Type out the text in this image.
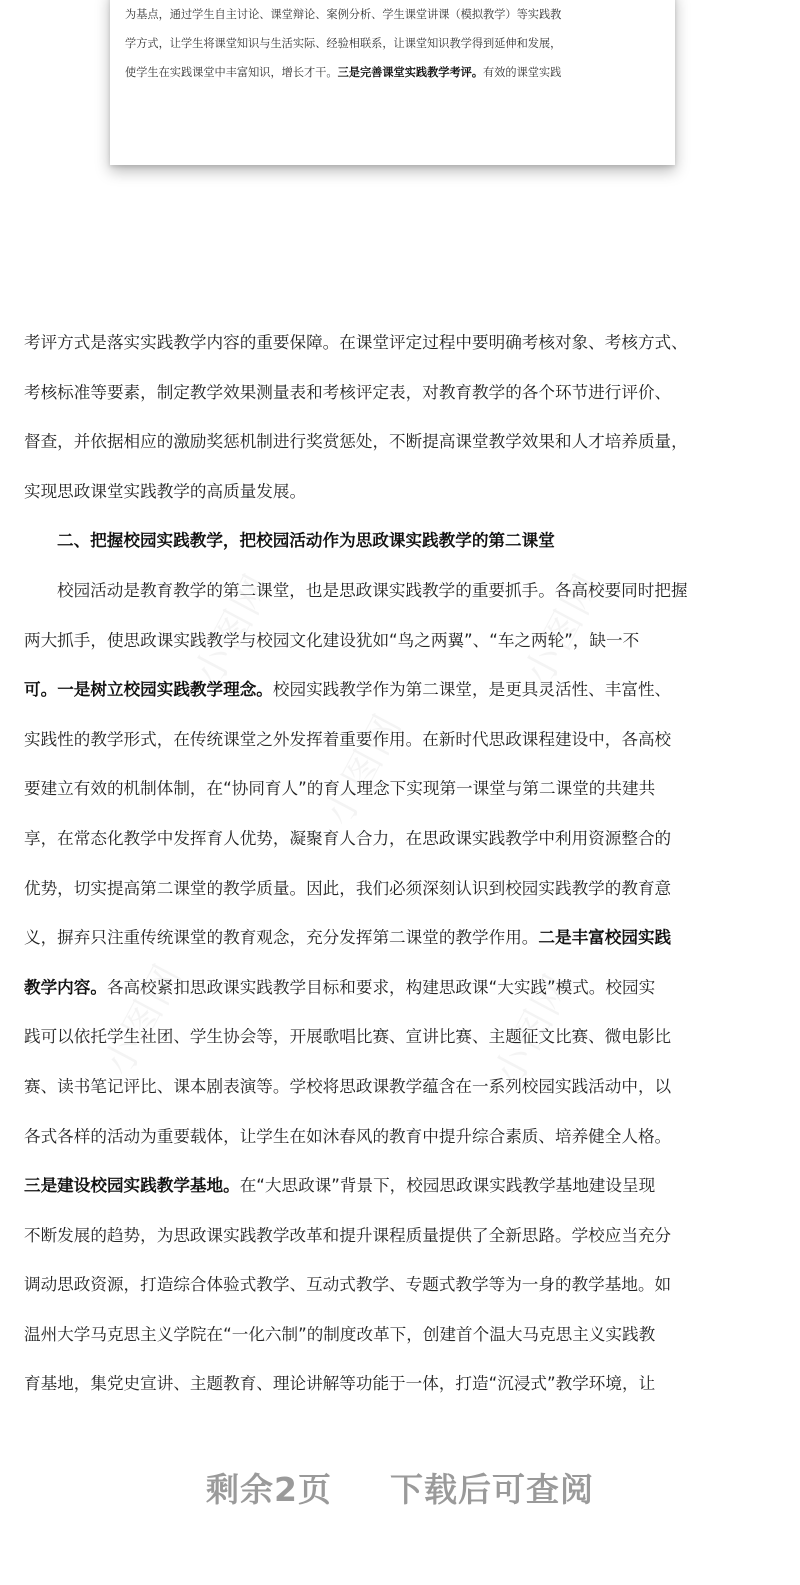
为基点，通过学生自主讨论、课堂辩论、案例分析、学生课堂讲课（模拟教学）等实践教
学方式，让学生将课堂知识与生活实际、经验相联系，让课堂知识教学得到延伸和发展，
使学生在实践课堂中丰富知识，增长才干。三是完善课堂实践教学考评。有效的课堂实践
小图网	小图网
小图网
小图网	小图网
考评方式是落实实践教学内容的重要保障。在课堂评定过程中要明确考核对象、考核方式、
考核标准等要素，制定教学效果测量表和考核评定表，对教育教学的各个环节进行评价、
督查，并依据相应的激励奖惩机制进行奖赏惩处，不断提高课堂教学效果和人才培养质量，
实现思政课堂实践教学的高质量发展。
二、把握校园实践教学，把校园活动作为思政课实践教学的第二课堂
校园活动是教育教学的第二课堂，也是思政课实践教学的重要抓手。各高校要同时把握
两大抓手，使思政课实践教学与校园文化建设犹如“鸟之两翼”、“车之两轮”，缺一不
可。一是树立校园实践教学理念。校园实践教学作为第二课堂，是更具灵活性、丰富性、
实践性的教学形式，在传统课堂之外发挥着重要作用。在新时代思政课程建设中，各高校
要建立有效的机制体制，在“协同育人”的育人理念下实现第一课堂与第二课堂的共建共
享，在常态化教学中发挥育人优势，凝聚育人合力，在思政课实践教学中利用资源整合的
优势，切实提高第二课堂的教学质量。因此，我们必须深刻认识到校园实践教学的教育意
义，摒弃只注重传统课堂的教育观念，充分发挥第二课堂的教学作用。二是丰富校园实践
教学内容。各高校紧扣思政课实践教学目标和要求，构建思政课“大实践”模式。校园实
践可以依托学生社团、学生协会等，开展歌唱比赛、宣讲比赛、主题征文比赛、微电影比
赛、读书笔记评比、课本剧表演等。学校将思政课教学蕴含在一系列校园实践活动中，以
各式各样的活动为重要载体，让学生在如沐春风的教育中提升综合素质、培养健全人格。
三是建设校园实践教学基地。在“大思政课”背景下，校园思政课实践教学基地建设呈现
不断发展的趋势，为思政课实践教学改革和提升课程质量提供了全新思路。学校应当充分
调动思政资源，打造综合体验式教学、互动式教学、专题式教学等为一身的教学基地。如
温州大学马克思主义学院在“一化六制”的制度改革下，创建首个温大马克思主义实践教
育基地，集党史宣讲、主题教育、理论讲解等功能于一体，打造“沉浸式”教学环境，让
剩余2页 下载后可查阅
